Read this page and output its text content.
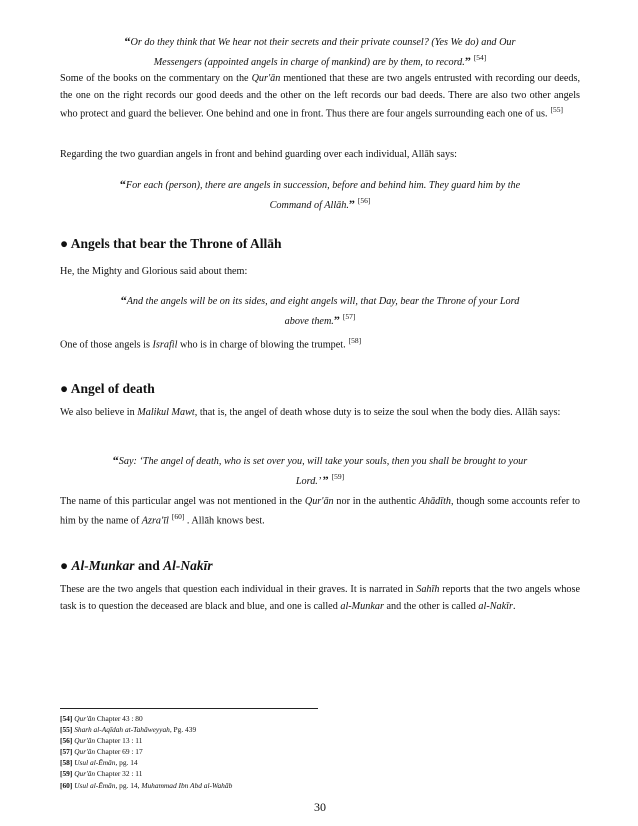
“Or do they think that We hear not their secrets and their private counsel? (Yes We do) and Our
Messengers (appointed angels in charge of mankind) are by them, to record.” [54]

Some of the books on the commentary on the Qur'ān mentioned that these are two angels entrusted with recording our deeds, the one on the right records our good deeds and the other on the left records our bad deeds. There are also two other angels who protect and guard the believer. One behind and one in front. Thus there are four angels surrounding each one of us. [55]

Regarding the two guardian angels in front and behind guarding over each individual, Allāh says:

“For each (person), there are angels in succession, before and behind him. They guard him by the
Command of Allāh.” [56]

● Angels that bear the Throne of Allāh

He, the Mighty and Glorious said about them:

“And the angels will be on its sides, and eight angels will, that Day, bear the Throne of your Lord
above them.” [57]

One of those angels is Israfil who is in charge of blowing the trumpet. [58]

● Angel of death

We also believe in Malikul Mawt, that is, the angel of death whose duty is to seize the soul when the body dies. Allāh says:

“Say: ‘The angel of death, who is set over you, will take your souls, then you shall be brought to your
Lord.’ ” [59]

The name of this particular angel was not mentioned in the Qur'ān nor in the authentic Ahādīth, though some accounts refer to him by the name of Azra'īl [60] . Allāh knows best.

● Al-Munkar and Al-Nakīr

These are the two angels that question each individual in their graves. It is narrated in Sahīh reports that the two angels whose task is to question the deceased are black and blue, and one is called al-Munkar and the other is called al-Nakīr.

[54] Qur'ān Chapter 43 : 80
[55] Sharh al-Aqīdah at-Tahāweyyah, Pg. 439
[56] Qur'ān Chapter 13 : 11
[57] Qur'ān Chapter 69 : 17
[58] Usul al-Ēmān, pg. 14
[59] Qur'ān Chapter 32 : 11
[60] Usul al-Ēmān, pg. 14, Muhammad Ibn Abd al-Wahāb
30
